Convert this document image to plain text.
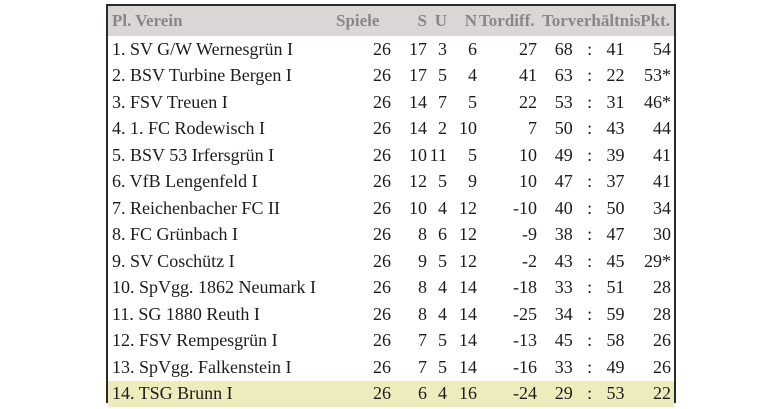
Pl. Verein	Spiele	S	U	N	Tordiff.	Torverhältnis			Pkt.
1. SV G/W Wernesgrün I	26	17	3	6	27	68	:	41	54
2. BSV Turbine Bergen I	26	17	5	4	41	63	:	22	53*
3. FSV Treuen I	26	14	7	5	22	53	:	31	46*
4. 1. FC Rodewisch I	26	14	2	10	7	50	:	43	44
5. BSV 53 Irfersgrün I	26	10	11	5	10	49	:	39	41
6. VfB Lengenfeld I	26	12	5	9	10	47	:	37	41
7. Reichenbacher FC II	26	10	4	12	-10	40	:	50	34
8. FC Grünbach I	26	8	6	12	-9	38	:	47	30
9. SV Coschütz I	26	9	5	12	-2	43	:	45	29*
10. SpVgg. 1862 Neumark I	26	8	4	14	-18	33	:	51	28
11. SG 1880 Reuth I	26	8	4	14	-25	34	:	59	28
12. FSV Rempesgrün I	26	7	5	14	-13	45	:	58	26
13. SpVgg. Falkenstein I	26	7	5	14	-16	33	:	49	26
14. TSG Brunn I	26	6	4	16	-24	29	:	53	22
